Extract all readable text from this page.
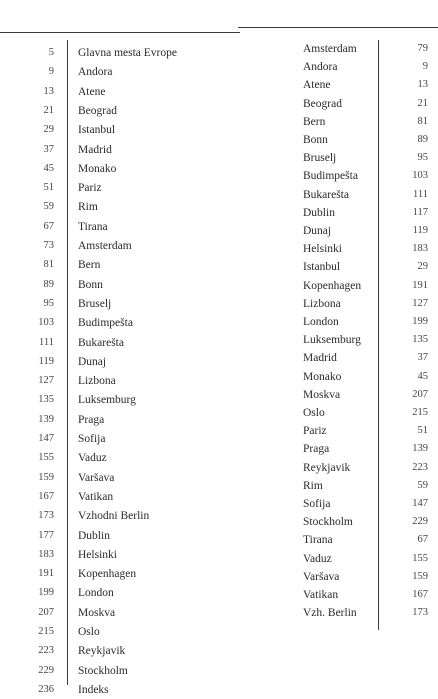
5 Glavna mesta Evrope
9 Andora
13 Atene
21 Beograd
29 Istanbul
37 Madrid
45 Monako
51 Pariz
59 Rim
67 Tirana
73 Amsterdam
81 Bern
89 Bonn
95 Bruselj
103 Budimpešta
111 Bukarešta
119 Dunaj
127 Lizbona
135 Luksemburg
139 Praga
147 Sofija
155 Vaduz
159 Varšava
167 Vatikan
173 Vzhodni Berlin
177 Dublin
183 Helsinki
191 Kopenhagen
199 London
207 Moskva
215 Oslo
223 Reykjavik
229 Stockholm
236 Indeks
Amsterdam	79
Andora	9
Atene	13
Beograd	21
Bern	81
Bonn	89
Bruselj	95
Budimpešta	103
Bukarešta	111
Dublin	117
Dunaj	119
Helsinki	183
Istanbul	29
Kopenhagen	191
Lizbona	127
London	199
Luksemburg	135
Madrid	37
Monako	45
Moskva	207
Oslo	215
Pariz	51
Praga	139
Reykjavik	223
Rim	59
Sofija	147
Stockholm	229
Tirana	67
Vaduz	155
Varšava	159
Vatikan	167
Vzh. Berlin	173
